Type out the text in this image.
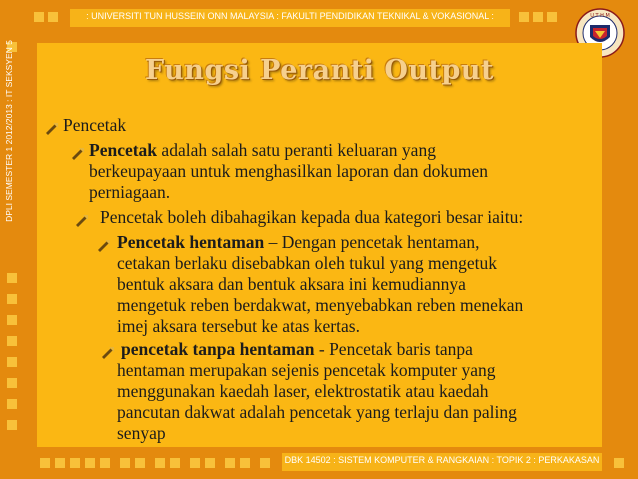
: UNIVERSITI TUN HUSSEIN ONN MALAYSIA : FAKULTI PENDIDIKAN TEKNIKAL & VOKASIONAL :	U T H M
DPLI SEMESTER 1 2012/2013 : IT SEKSYEN 5	Fungsi Peranti Output
Pencetak
Pencetak adalah salah satu peranti keluaran yang
berkeupayaan untuk menghasilkan laporan dan dokumen
perniagaan.
Pencetak boleh dibahagikan kepada dua kategori besar iaitu:
Pencetak hentaman – Dengan pencetak hentaman,
cetakan berlaku disebabkan oleh tukul yang mengetuk
bentuk aksara dan bentuk aksara ini kemudiannya
mengetuk reben berdakwat, menyebabkan reben menekan
imej aksara tersebut ke atas kertas.
pencetak tanpa hentaman - Pencetak baris tanpa
hentaman merupakan sejenis pencetak komputer yang
menggunakan kaedah laser, elektrostatik atau kaedah
pancutan dakwat adalah pencetak yang terlaju dan paling
senyap
DBK 14502 : SISTEM KOMPUTER & RANGKAIAN : TOPIK 2 : PERKAKASAN
